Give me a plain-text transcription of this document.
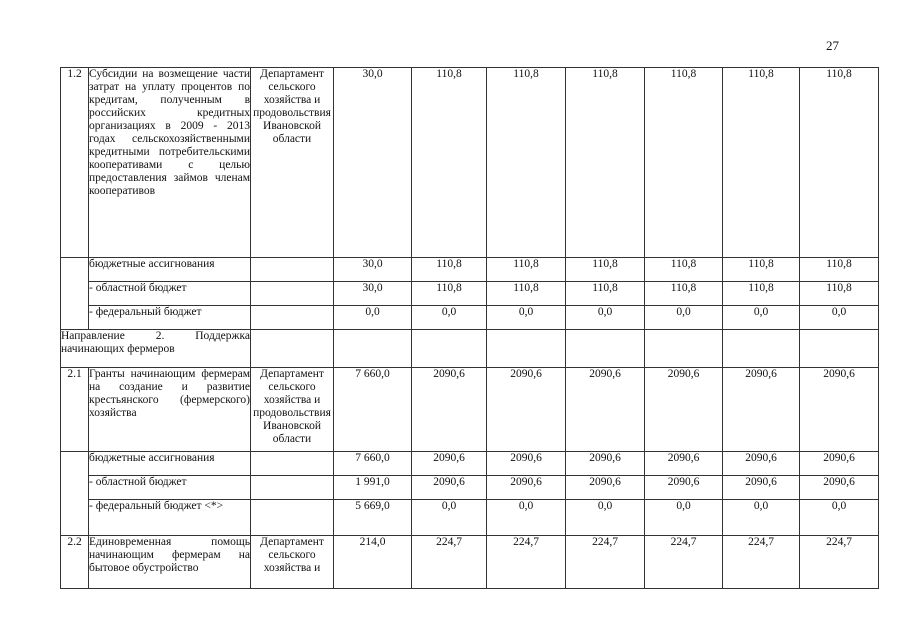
27
1.2	Субсидии на возмещение части затрат на уплату процентов по кредитам, полученным в российских кредитных организациях в 2009 - 2013 годах сельскохозяйственными кредитными потребительскими кооперативами с целью предоставления займов членам кооперативов	Департамент сельского хозяйства и продовольствия Ивановской области	30,0	110,8	110,8	110,8	110,8	110,8	110,8
	бюджетные ассигнования		30,0	110,8	110,8	110,8	110,8	110,8	110,8
	- областной бюджет		30,0	110,8	110,8	110,8	110,8	110,8	110,8
	- федеральный бюджет		0,0	0,0	0,0	0,0	0,0	0,0	0,0
Направление 2. Поддержка начинающих фермеров									
2.1	Гранты начинающим фермерам на создание и развитие крестьянского (фермерского) хозяйства	Департамент сельского хозяйства и продовольствия Ивановской области	7 660,0	2090,6	2090,6	2090,6	2090,6	2090,6	2090,6
	бюджетные ассигнования		7 660,0	2090,6	2090,6	2090,6	2090,6	2090,6	2090,6
	- областной бюджет		1 991,0	2090,6	2090,6	2090,6	2090,6	2090,6	2090,6
	- федеральный бюджет <*>		5 669,0	0,0	0,0	0,0	0,0	0,0	0,0
2.2	Единовременная помощь начинающим фермерам на бытовое обустройство	Департамент сельского хозяйства и	214,0	224,7	224,7	224,7	224,7	224,7	224,7
